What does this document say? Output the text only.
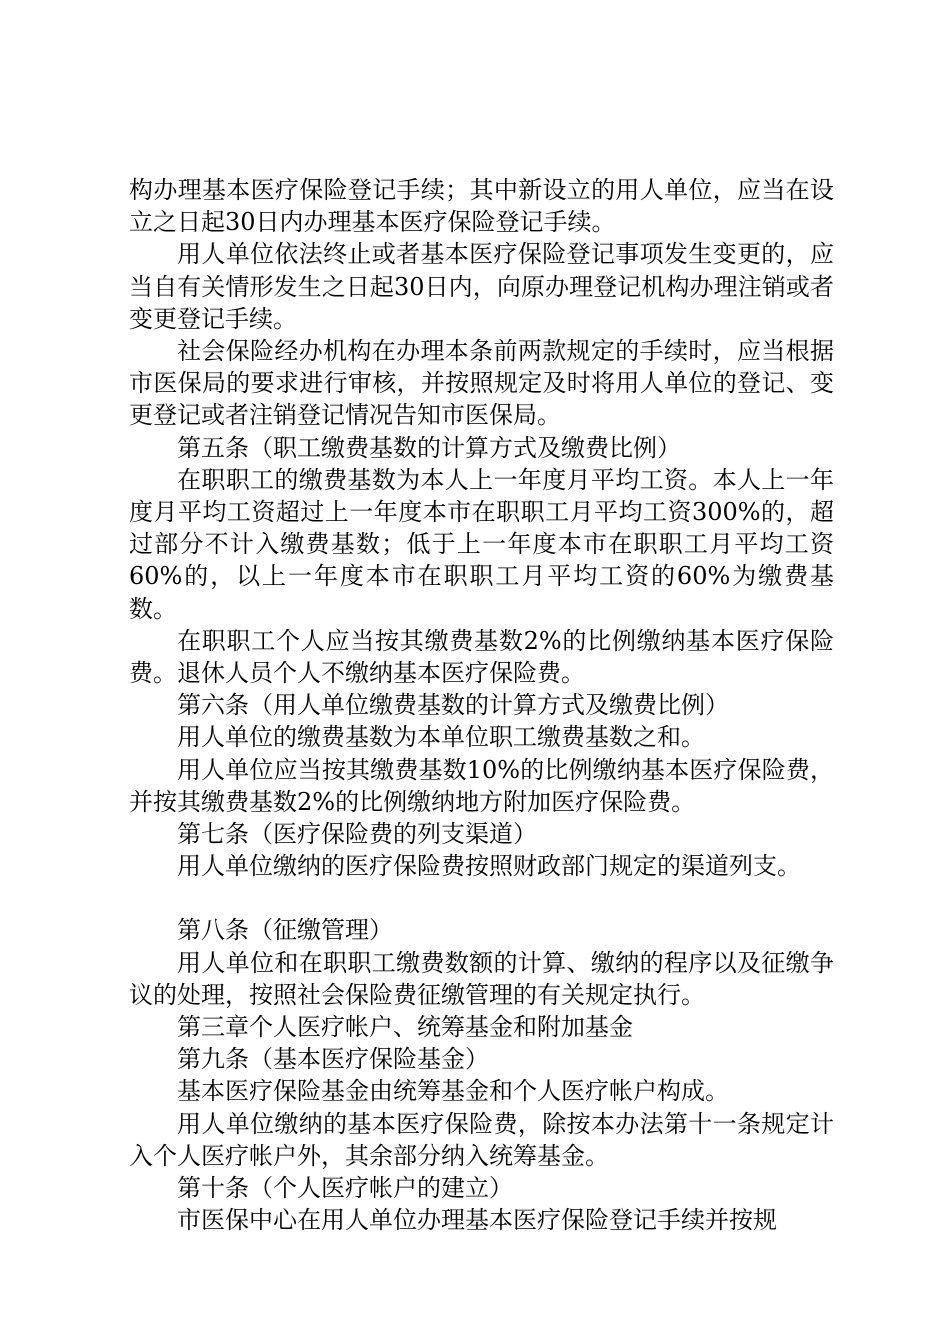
构办理基本医疗保险登记手续；其中新设立的用人单位，应当在设立之日起30日内办理基本医疗保险登记手续。

用人单位依法终止或者基本医疗保险登记事项发生变更的，应当自有关情形发生之日起30日内，向原办理登记机构办理注销或者变更登记手续。

社会保险经办机构在办理本条前两款规定的手续时，应当根据市医保局的要求进行审核，并按照规定及时将用人单位的登记、变更登记或者注销登记情况告知市医保局。

第五条（职工缴费基数的计算方式及缴费比例）

在职职工的缴费基数为本人上一年度月平均工资。本人上一年度月平均工资超过上一年度本市在职职工月平均工资300%的，超过部分不计入缴费基数；低于上一年度本市在职职工月平均工资60%的，以上一年度本市在职职工月平均工资的60%为缴费基数。

在职职工个人应当按其缴费基数2%的比例缴纳基本医疗保险费。退休人员个人不缴纳基本医疗保险费。

第六条（用人单位缴费基数的计算方式及缴费比例）

用人单位的缴费基数为本单位职工缴费基数之和。

用人单位应当按其缴费基数10%的比例缴纳基本医疗保险费，并按其缴费基数2%的比例缴纳地方附加医疗保险费。

第七条（医疗保险费的列支渠道）

用人单位缴纳的医疗保险费按照财政部门规定的渠道列支。

第八条（征缴管理）

用人单位和在职职工缴费数额的计算、缴纳的程序以及征缴争议的处理，按照社会保险费征缴管理的有关规定执行。

第三章个人医疗帐户、统筹基金和附加基金

第九条（基本医疗保险基金）

基本医疗保险基金由统筹基金和个人医疗帐户构成。

用人单位缴纳的基本医疗保险费，除按本办法第十一条规定计入个人医疗帐户外，其余部分纳入统筹基金。

第十条（个人医疗帐户的建立）

市医保中心在用人单位办理基本医疗保险登记手续并按规
